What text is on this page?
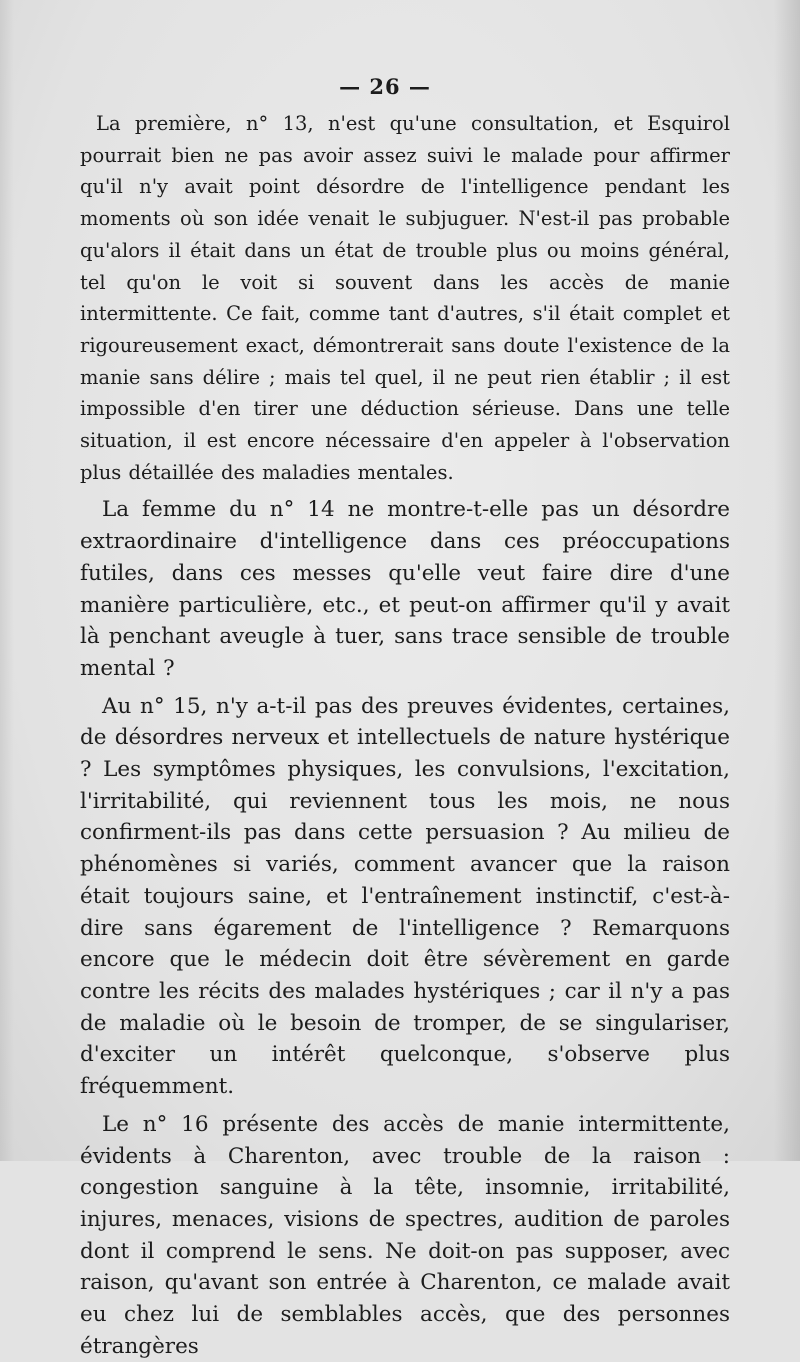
— 26 —

La première, n° 13, n'est qu'une consultation, et Esquirol pourrait bien ne pas avoir assez suivi le malade pour affirmer qu'il n'y avait point désordre de l'intelligence pendant les moments où son idée venait le subjuguer. N'est-il pas probable qu'alors il était dans un état de trouble plus ou moins général, tel qu'on le voit si souvent dans les accès de manie intermittente. Ce fait, comme tant d'autres, s'il était complet et rigoureusement exact, démontrerait sans doute l'existence de la manie sans délire ; mais tel quel, il ne peut rien établir ; il est impossible d'en tirer une déduction sérieuse. Dans une telle situation, il est encore nécessaire d'en appeler à l'observation plus détaillée des maladies mentales.

La femme du n° 14 ne montre-t-elle pas un désordre extraordinaire d'intelligence dans ces préoccupations futiles, dans ces messes qu'elle veut faire dire d'une manière particulière, etc., et peut-on affirmer qu'il y avait là penchant aveugle à tuer, sans trace sensible de trouble mental ?

Au n° 15, n'y a-t-il pas des preuves évidentes, certaines, de désordres nerveux et intellectuels de nature hystérique ? Les symptômes physiques, les convulsions, l'excitation, l'irritabilité, qui reviennent tous les mois, ne nous confirment-ils pas dans cette persuasion ? Au milieu de phénomènes si variés, comment avancer que la raison était toujours saine, et l'entraînement instinctif, c'est-à-dire sans égarement de l'intelligence ? Remarquons encore que le médecin doit être sévèrement en garde contre les récits des malades hystériques ; car il n'y a pas de maladie où le besoin de tromper, de se singulariser, d'exciter un intérêt quelconque, s'observe plus fréquemment.

Le n° 16 présente des accès de manie intermittente, évidents à Charenton, avec trouble de la raison : congestion sanguine à la tête, insomnie, irritabilité, injures, menaces, visions de spectres, audition de paroles dont il comprend le sens. Ne doit-on pas supposer, avec raison, qu'avant son entrée à Charenton, ce malade avait eu chez lui de semblables accès, que des personnes étrangères
